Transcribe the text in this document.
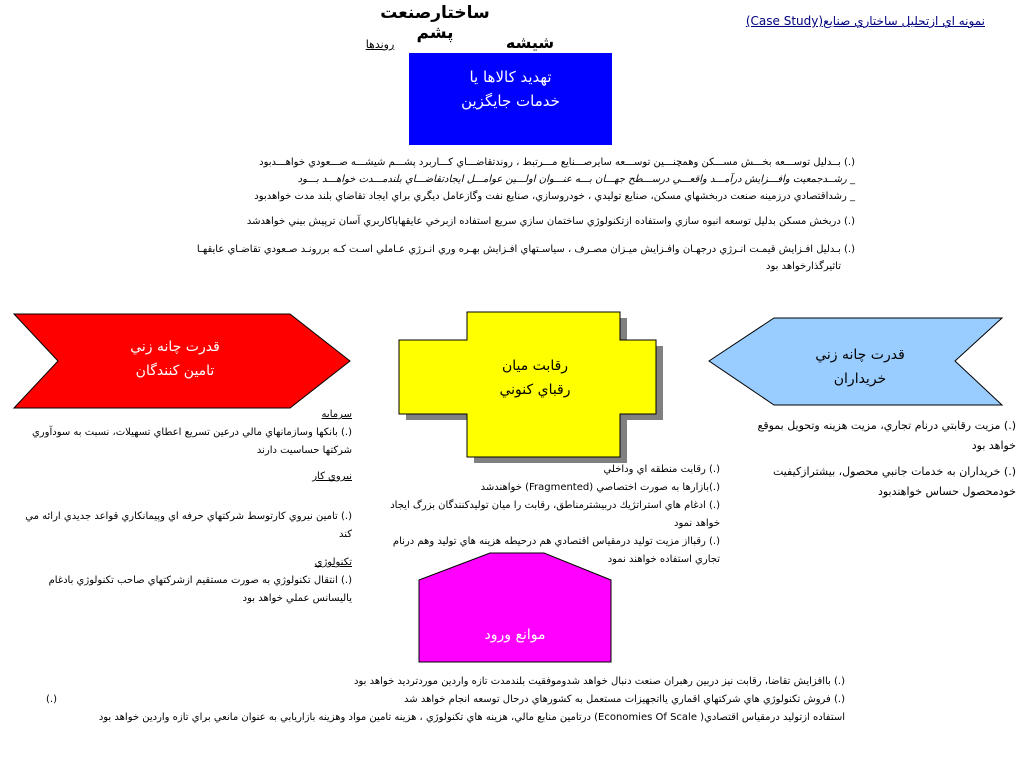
ساختارصنعت پشم	شیشه
(Case Study)نمونه اي ازتحليل ساختاري صنايع
روندها
تهديد كالاها يا
خدمات جايگزين
(.) بــدليل توســـعه بخـــش مســـكن وهمچنـــين توســـعه سايرصـــنايع مـــرتبط ، روندتقاضـــاي كـــاربرد پشـــم شيشـــه صـــعودي خواهـــدبود
_ رشــدجمعيت وافـــزايش درآمـــد واقعـــي درســـطح جهـــان بـــه عنـــوان اولـــين عوامـــل ايجادتقاضـــاي بلندمـــدت خواهـــد بـــود
_ رشداقتصادي درزمينه صنعت دربخشهاي مسكن، صنايع توليدي ، خودروسازي، صنايع نفت وگازعامل ديگري براي ايجاد تقاضاي بلند مدت خواهدبود
(.) دربخش مسكن بدليل توسعه انبوه سازي واستفاده ازتكنولوژي ساختمان سازي سريع استفاده ازبرخي عايقهاباكاربري آسان ترپيش بيني خواهدشد
(.) بـدليل افـزايش قيمـت انـرژي درجهـان وافـزايش ميـزان مصـرف ، سياسـتهاي افـزايش بهـره وري انـرژي عـاملي اسـت كـه بررونـد صـعودي تقاضـاي عايقهـا
تاثيرگذارخواهد بود
قدرت چانه زني
تامين كنندگان
قدرت چانه زني
خريداران
رقابت ميان
رقباي كنوني
موانع ورود
سرمايه
(.) بانكها وسازمانهاي مالي درعين تسريع اعطاي تسهيلات، نسبت به سودآوري شركتها حساسيت دارند
نيروي كار
(.) تامين نيروي كارتوسط شركتهاي حرفه اي وپيمانكاري قواعد جديدي ارائه مي كند
تكنولوژي
(.) انتقال تكنولوژي به صورت مستقيم ازشركتهاي صاحب تكنولوژي بادغام يالیسانس عملي خواهد بود
(.) رقابت منطقه اي وداخلي
(.)بازارها به صورت اختصاصي (Fragmented) خواهندشد
(.) ادغام هاي استراتژيك دربيشترمناطق، رقابت را ميان توليدكنندگان بزرگ ايجاد خواهد نمود
(.) رقبااز مزيت توليد درمقياس اقتصادي هم درحيطه هزينه هاي توليد وهم درنام تجاري استفاده خواهند نمود
(.) مزيت رقابتي درنام تجاري، مزيت هزينه وتحويل بموقع خواهد بود
(.) خريداران به خدمات جانبي محصول، بيشترازكيفيت خودمحصول حساس خواهندبود
(.) باافزايش تقاضا، رقابت نيز دربين رهبران صنعت دنبال خواهد شدوموفقيت بلندمدت تازه واردين موردترديد خواهد بود
(.) فروش تكنولوژي هاي شركتهاي اقماري يااتجهيزات مستعمل به كشورهاي درحال توسعه انجام خواهد شد
استفاده ازتوليد درمقياس اقتصادي( Economies Of Scale) درتامين منابع مالي، هزينه هاي تكنولوژي ، هزينه تامين مواد وهزينه بازاريابي به عنوان مانعي براي تازه واردين خواهد بود
(.)
